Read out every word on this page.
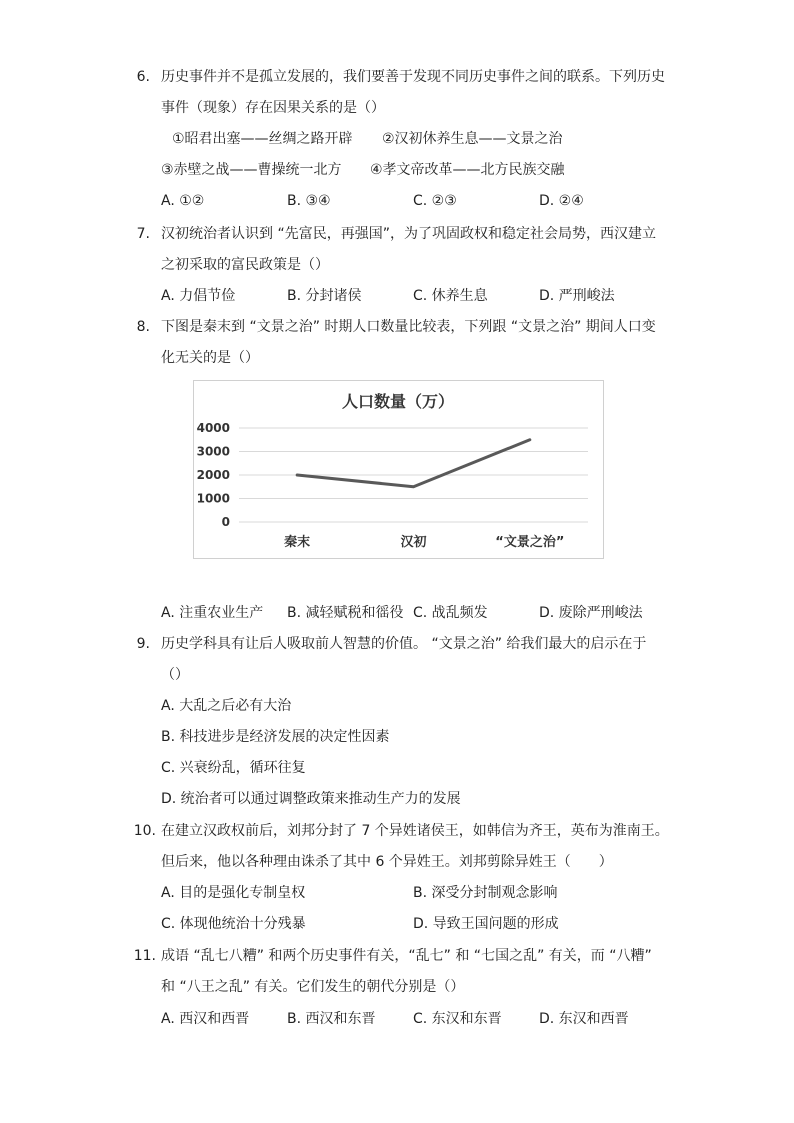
6. 历史事件并不是孤立发展的，我们要善于发现不同历史事件之间的联系。下列历史
事件（现象）存在因果关系的是（）
①昭君出塞——丝绸之路开辟 ②汉初休养生息——文景之治
③赤壁之战——曹操统一北方 ④孝文帝改革——北方民族交融
A. ①②	B. ③④	C. ②③	D. ②④
7. 汉初统治者认识到 “先富民，再强国”，为了巩固政权和稳定社会局势，西汉建立
之初采取的富民政策是（）
A. 力倡节俭	B. 分封诸侯	C. 休养生息	D. 严刑峻法
8. 下图是秦末到 “文景之治” 时期人口数量比较表，下列跟 “文景之治” 期间人口变
化无关的是（）
人口数量（万）
4000
3000
2000
1000
0
秦末	汉初	“文景之治”
A. 注重农业生产 B. 减轻赋税和徭役 C. 战乱频发	D. 废除严刑峻法
9. 历史学科具有让后人吸取前人智慧的价值。 “文景之治” 给我们最大的启示在于
（）
A. 大乱之后必有大治
B. 科技进步是经济发展的决定性因素
C. 兴衰纷乱，循环往复
D. 统治者可以通过调整政策来推动生产力的发展
10. 在建立汉政权前后，刘邦分封了 7 个异姓诸侯王，如韩信为齐王，英布为淮南王。
但后来，他以各种理由诛杀了其中 6 个异姓王。刘邦剪除异姓王（　　）
A. 目的是强化专制皇权	B. 深受分封制观念影响
C. 体现他统治十分残暴	D. 导致王国问题的形成
11. 成语 “乱七八糟” 和两个历史事件有关，“乱七” 和 “七国之乱” 有关，而 “八糟”
和 “八王之乱” 有关。它们发生的朝代分别是（）
A. 西汉和西晋	B. 西汉和东晋	C. 东汉和东晋	D. 东汉和西晋
